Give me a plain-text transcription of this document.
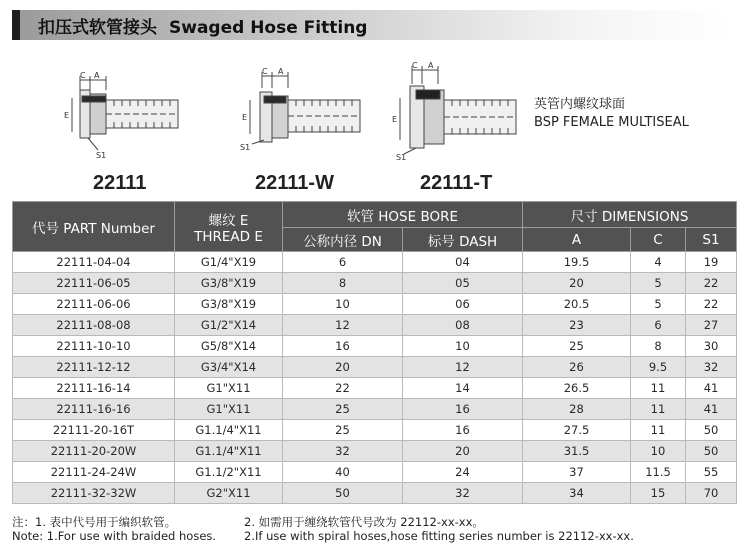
扣压式软管接头 Swaged Hose Fitting
C A
E
S1
22111
C A
E
S1
22111-W
C A
E
S1
22111-T
英管内螺纹球面
BSP FEMALE MULTISEAL
代号 PART Number	螺纹 E
THREAD E	软管 HOSE BORE		尺寸 DIMENSIONS		
		公称内径 DN	标号 DASH	A	C	S1
22111-04-04	G1/4"X19	6	04	19.5	4	19
22111-06-05	G3/8"X19	8	05	20	5	22
22111-06-06	G3/8"X19	10	06	20.5	5	22
22111-08-08	G1/2"X14	12	08	23	6	27
22111-10-10	G5/8"X14	16	10	25	8	30
22111-12-12	G3/4"X14	20	12	26	9.5	32
22111-16-14	G1"X11	22	14	26.5	11	41
22111-16-16	G1"X11	25	16	28	11	41
22111-20-16T	G1.1/4"X11	25	16	27.5	11	50
22111-20-20W	G1.1/4"X11	32	20	31.5	10	50
22111-24-24W	G1.1/2"X11	40	24	37	11.5	55
22111-32-32W	G2"X11	50	32	34	15	70
注：1. 表中代号用于编织软管。	2. 如需用于缠绕软管代号改为 22112-xx-xx。
Note: 1.For use with braided hoses.	2.If use with spiral hoses,hose fitting series number is 22112-xx-xx.
